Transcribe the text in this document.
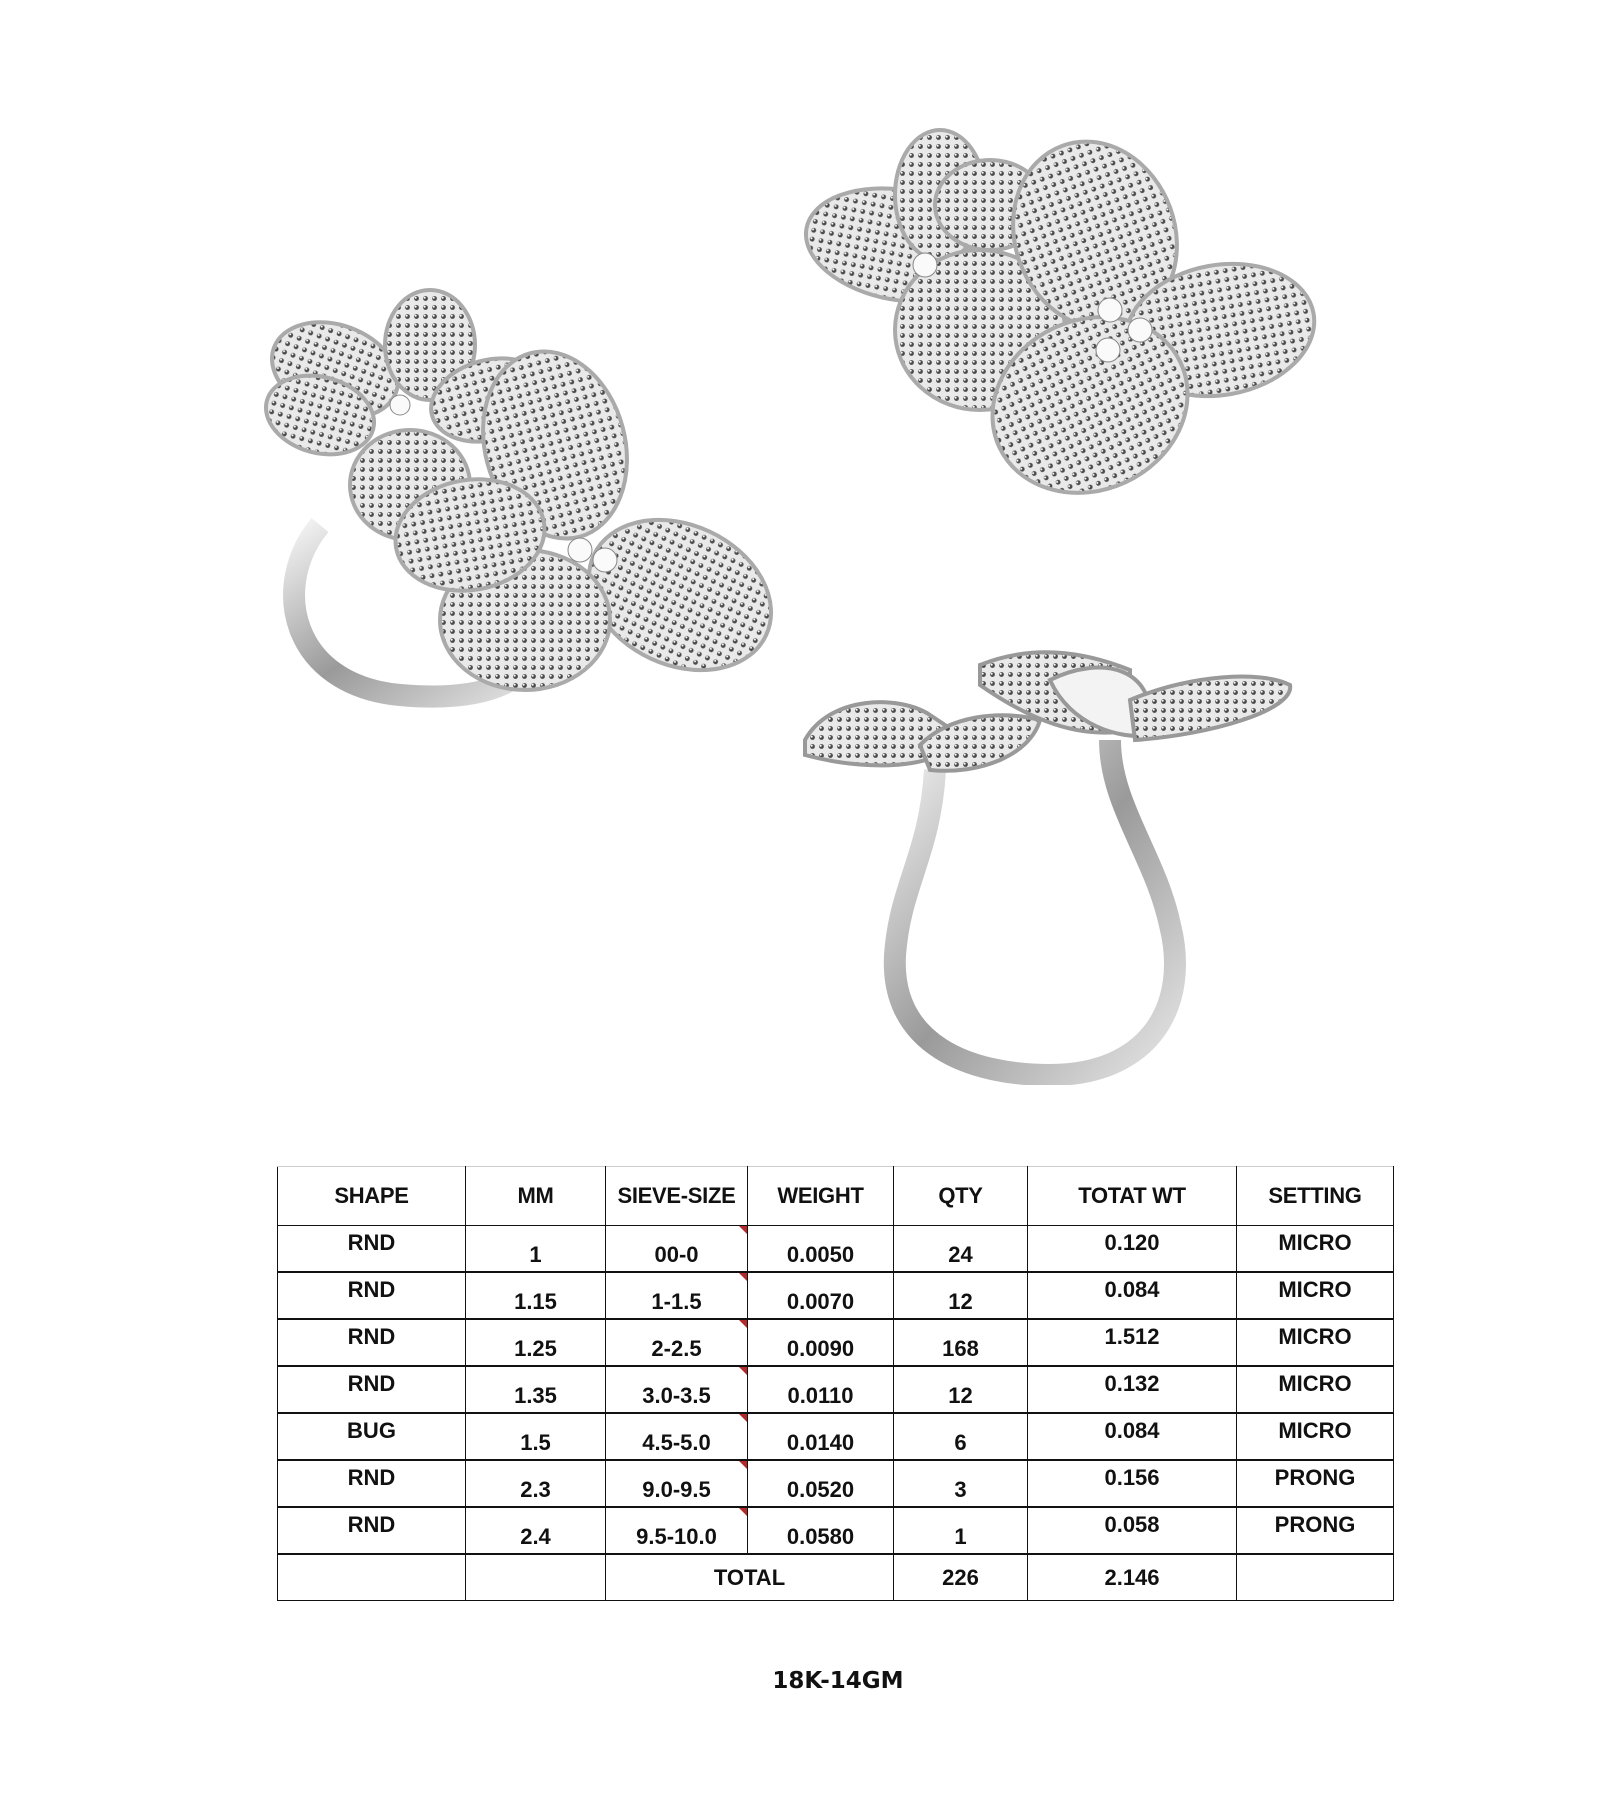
SHAPE	MM	SIEVE-SIZE	WEIGHT	QTY	TOTAT WT	SETTING
RND	1	00-0	0.0050	24	0.120	MICRO
RND	1.15	1-1.5	0.0070	12	0.084	MICRO
RND	1.25	2-2.5	0.0090	168	1.512	MICRO
RND	1.35	3.0-3.5	0.0110	12	0.132	MICRO
BUG	1.5	4.5-5.0	0.0140	6	0.084	MICRO
RND	2.3	9.0-9.5	0.0520	3	0.156	PRONG
RND	2.4	9.5-10.0	0.0580	1	0.058	PRONG
		TOTAL		226	2.146	
18K-14GM
